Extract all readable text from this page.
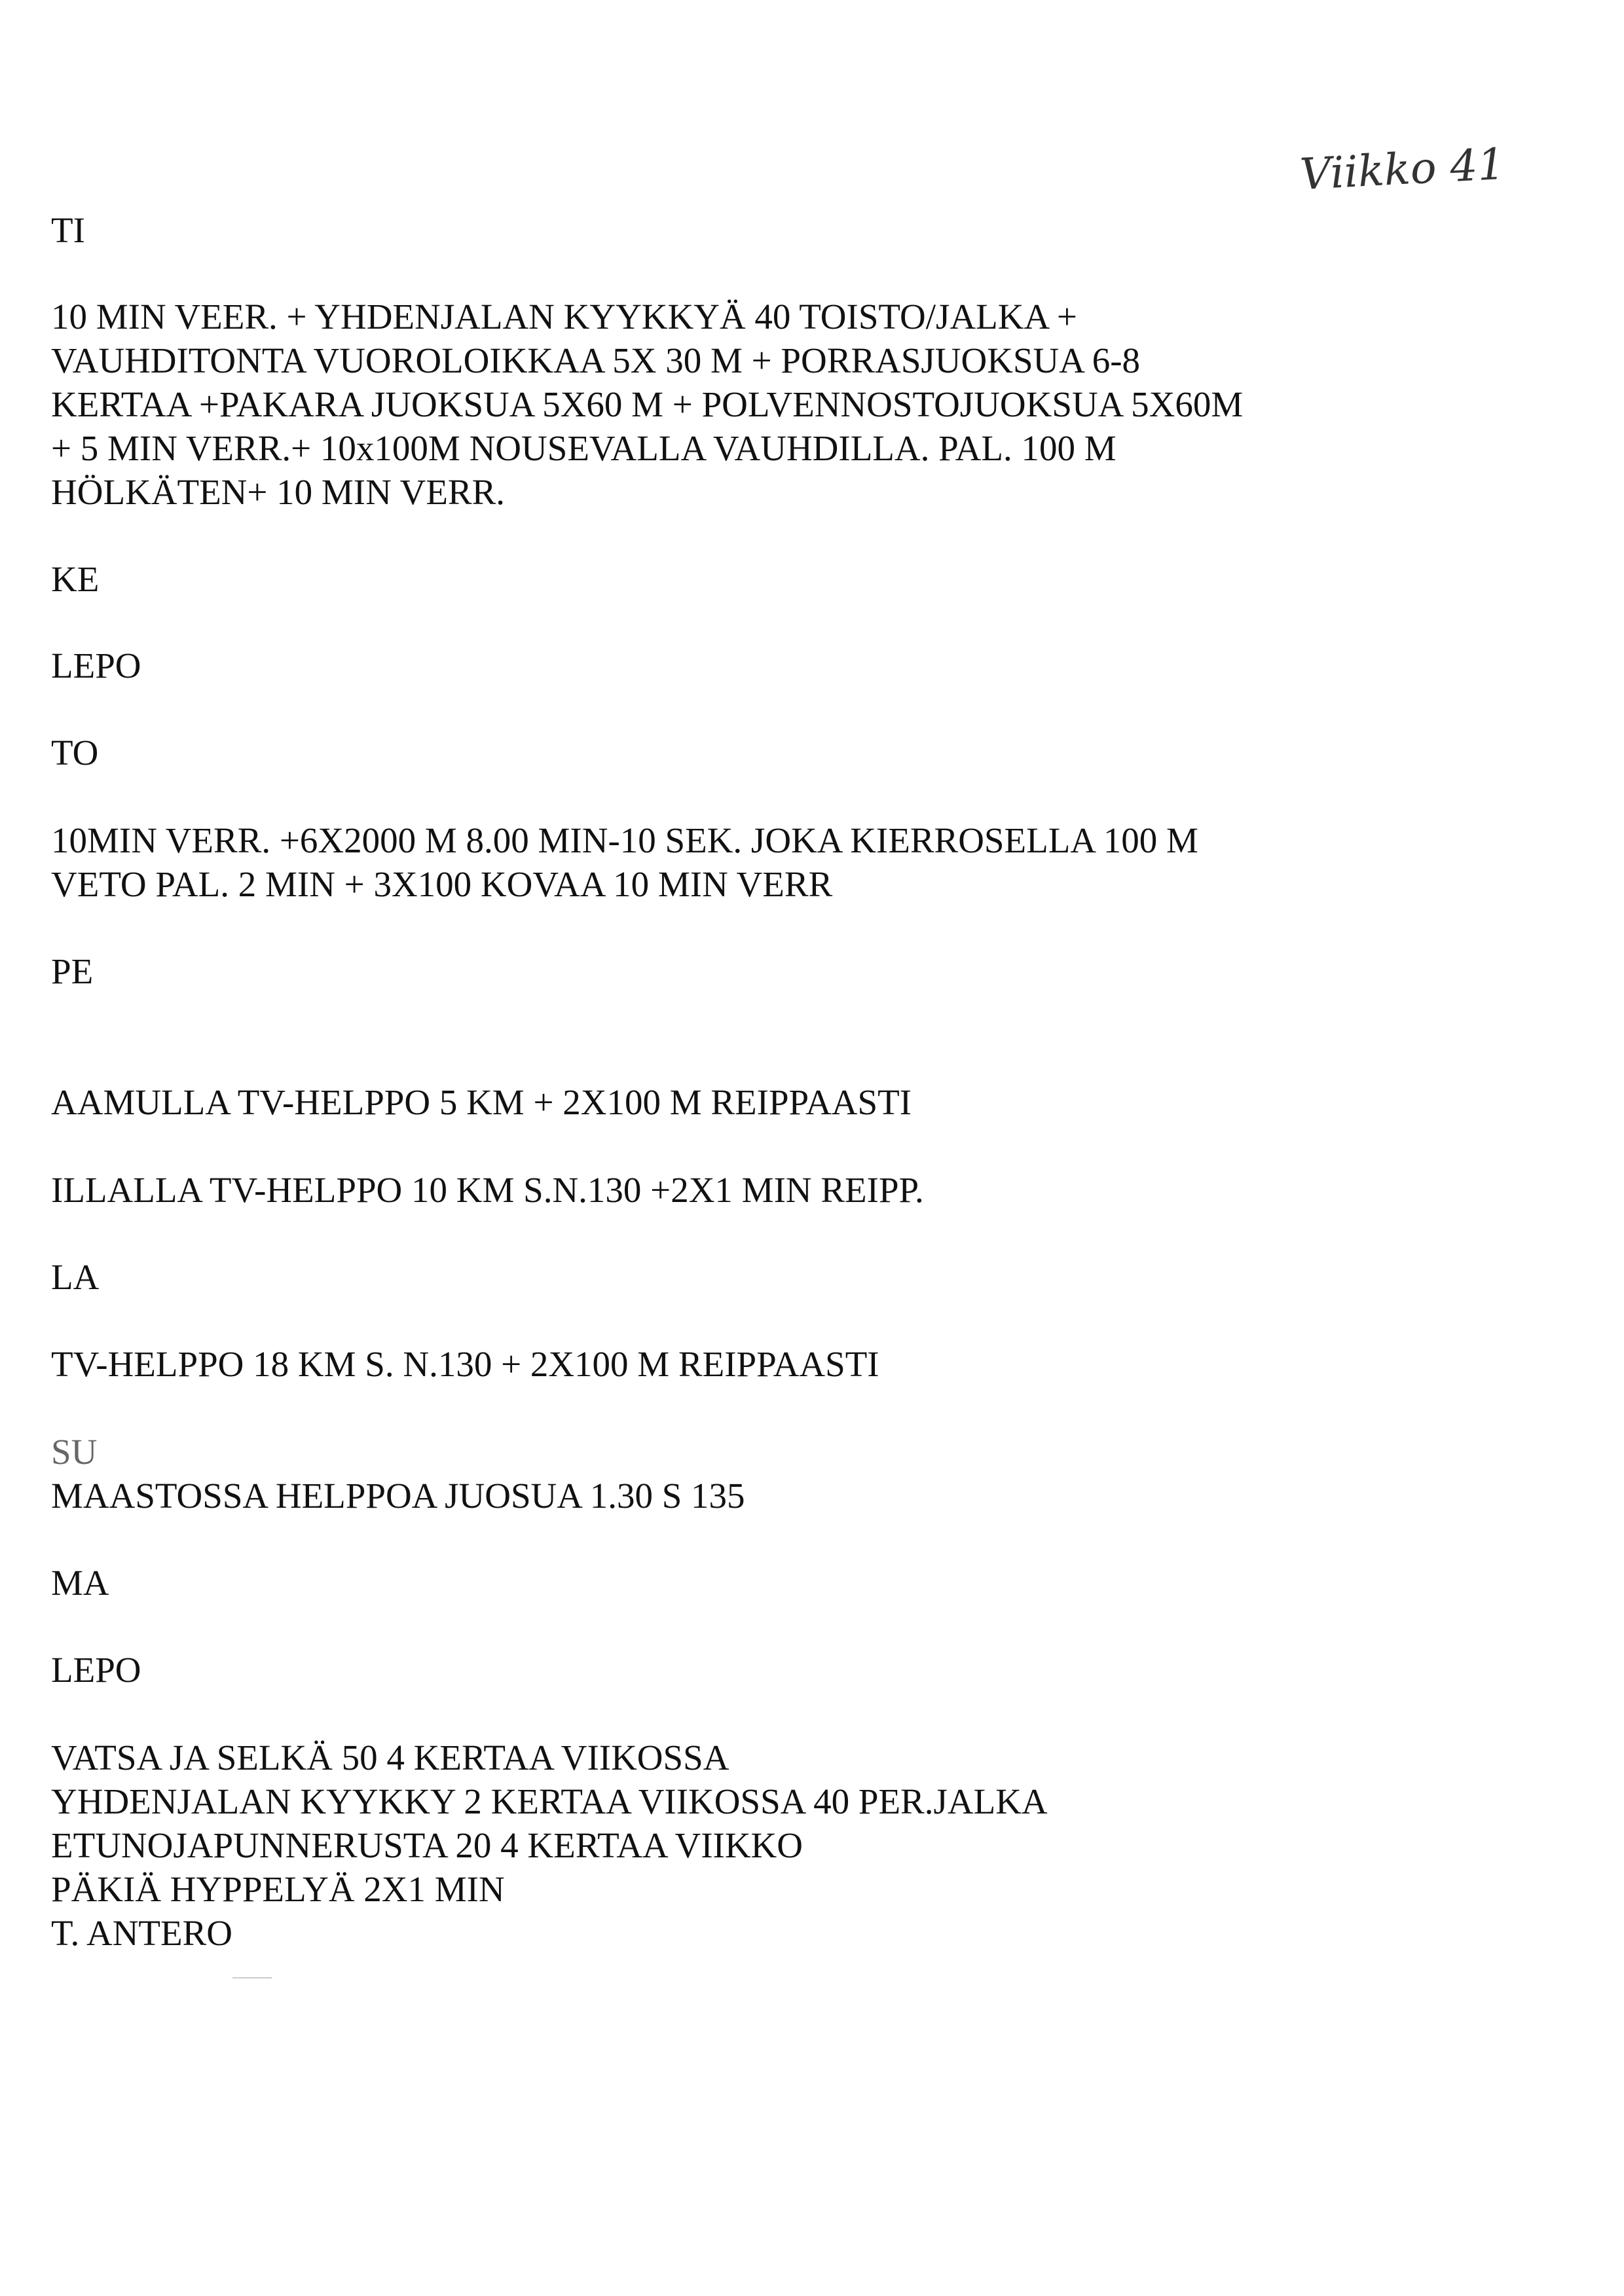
Viikko 41
TI
10 MIN VEER. + YHDENJALAN KYYKKYÄ 40 TOISTO/JALKA +
VAUHDITONTA VUOROLOIKKAA 5X 30 M + PORRASJUOKSUA 6-8
KERTAA +PAKARA JUOKSUA 5X60 M + POLVENNOSTOJUOKSUA 5X60M
+ 5 MIN VERR.+ 10x100M NOUSEVALLA VAUHDILLA. PAL. 100 M
HÖLKÄTEN+ 10 MIN VERR.
KE
LEPO
TO
10MIN VERR. +6X2000 M 8.00 MIN-10 SEK. JOKA KIERROSELLA 100 M
VETO PAL. 2 MIN + 3X100 KOVAA 10 MIN VERR
PE
AAMULLA TV-HELPPO 5 KM + 2X100 M REIPPAASTI
ILLALLA TV-HELPPO 10 KM S.N.130 +2X1 MIN REIPP.
LA
TV-HELPPO 18 KM S. N.130 + 2X100 M REIPPAASTI
SU
MAASTOSSA HELPPOA JUOSUA 1.30 S 135
MA
LEPO
VATSA JA SELKÄ 50 4 KERTAA VIIKOSSA
YHDENJALAN KYYKKY 2 KERTAA VIIKOSSA 40 PER.JALKA
ETUNOJAPUNNERUSTA 20 4 KERTAA VIIKKO
PÄKIÄ HYPPELYÄ 2X1 MIN
T. ANTERO
